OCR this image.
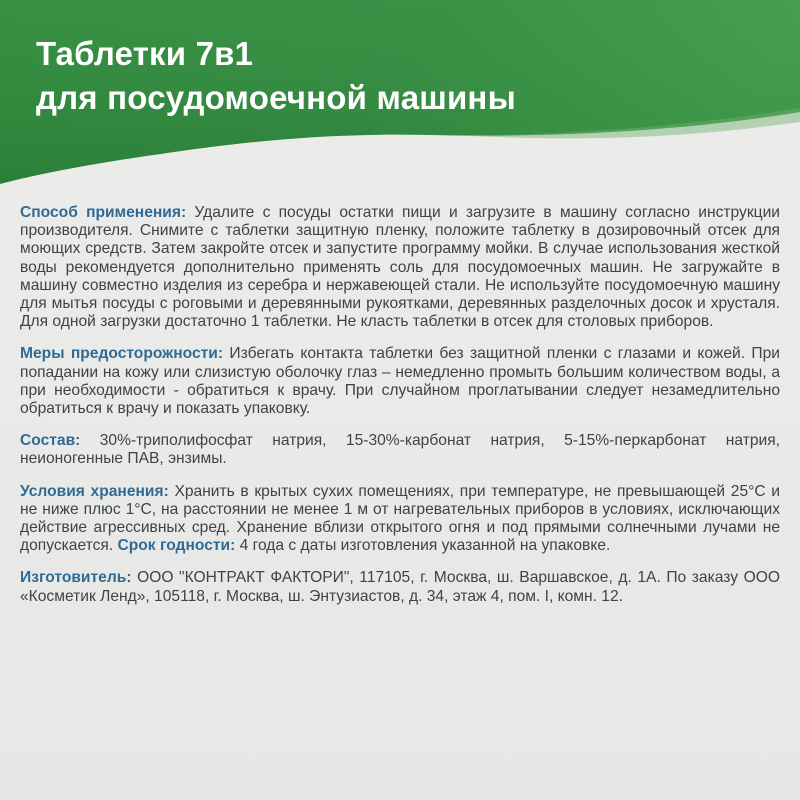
Таблетки 7в1
для посудомоечной машины

Способ применения: Удалите с посуды остатки пищи и загрузите в машину согласно инструкции производителя. Снимите с таблетки защитную пленку, положите таблетку в дозировочный отсек для моющих средств. Затем закройте отсек и запустите программу мойки. В случае использования жесткой воды рекомендуется дополнительно применять соль для посудомоечных машин. Не загружайте в машину совместно изделия из серебра и нержавеющей стали. Не используйте посудомоечную машину для мытья посуды с роговыми и деревянными рукоятками, деревянных разделочных досок и хрусталя. Для одной загрузки достаточно 1 таблетки. Не класть таблетки в отсек для столовых приборов.

Меры предосторожности: Избегать контакта таблетки без защитной пленки с глазами и кожей. При попадании на кожу или слизистую оболочку глаз – немедленно промыть большим количеством воды, а при необходимости - обратиться к врачу. При случайном проглатывании следует незамедлительно обратиться к врачу и показать упаковку.

Состав: 30%-триполифосфат натрия, 15-30%-карбонат натрия, 5-15%-перкарбонат натрия, неионогенные ПАВ, энзимы.

Условия хранения: Хранить в крытых сухих помещениях, при температуре, не превышающей 25°С и не ниже плюс 1°С, на расстоянии не менее 1 м от нагревательных приборов в условиях, исключающих действие агрессивных сред. Хранение вблизи открытого огня и под прямыми солнечными лучами не допускается. Срок годности: 4 года с даты изготовления указанной на упаковке.

Изготовитель: ООО "КОНТРАКТ ФАКТОРИ", 117105, г. Москва, ш. Варшавское, д. 1А. По заказу ООО «Косметик Ленд», 105118, г. Москва, ш. Энтузиастов, д. 34, этаж 4, пом. I, комн. 12.
